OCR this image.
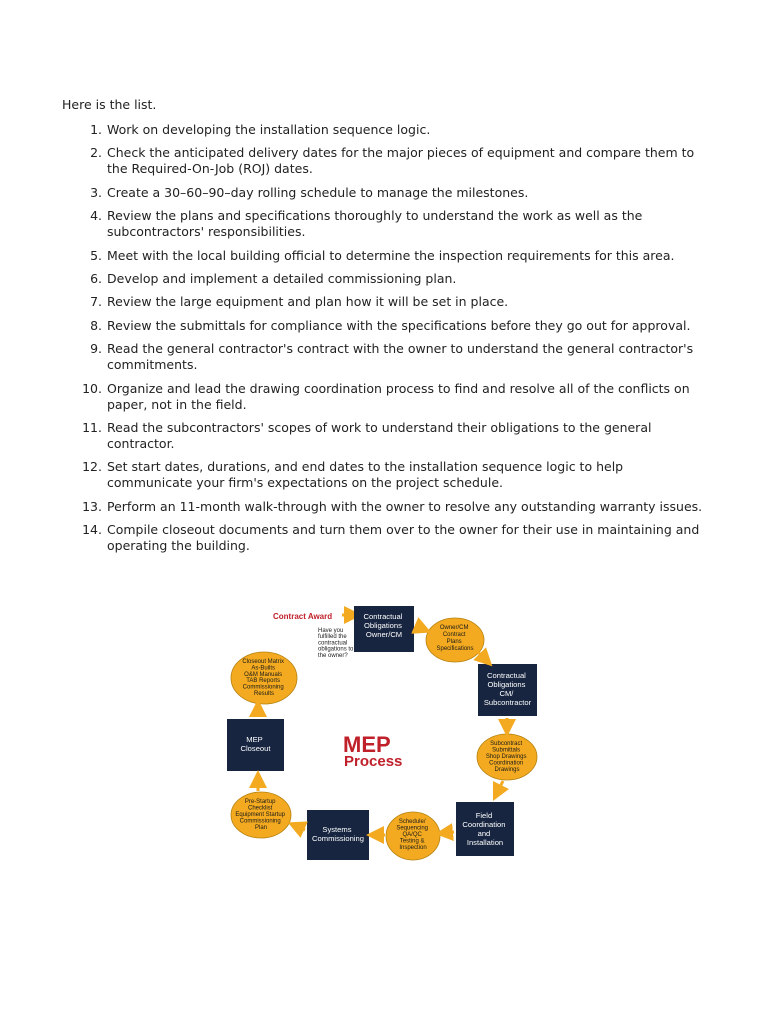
Here is the list.

1. Work on developing the installation sequence logic.
2. Check the anticipated delivery dates for the major pieces of equipment and compare them to the Required-On-Job (ROJ) dates.
3. Create a 30–60–90–day rolling schedule to manage the milestones.
4. Review the plans and specifications thoroughly to understand the work as well as the subcontractors' responsibilities.
5. Meet with the local building official to determine the inspection requirements for this area.
6. Develop and implement a detailed commissioning plan.
7. Review the large equipment and plan how it will be set in place.
8. Review the submittals for compliance with the specifications before they go out for approval.
9. Read the general contractor's contract with the owner to understand the general contractor's commitments.
10. Organize and lead the drawing coordination process to find and resolve all of the conflicts on paper, not in the field.
11. Read the subcontractors' scopes of work to understand their obligations to the general contractor.
12. Set start dates, durations, and end dates to the installation sequence logic to help communicate your firm's expectations on the project schedule.
13. Perform an 11-month walk-through with the owner to resolve any outstanding warranty issues.
14. Compile closeout documents and turn them over to the owner for their use in maintaining and operating the building.
Contract Award
Have you fulfilled the contractual obligations to the owner?
Contractual Obligations Owner/CM
Owner/CM Contract Plans Specifications
Contractual Obligations CM/ Subcontractor
Subcontract Submittals Shop Drawings Coordination Drawings
Field Coordination and Installation
Schedule/ Sequencing QA/QC Testing & Inspection
Systems Commissioning
Pre-Startup Checklist Equipment Startup Commissioning Plan
MEP Closeout
Closeout Matrix As-Builts O&M Manuals TAB Reports Commissioning Results
MEP
Process
